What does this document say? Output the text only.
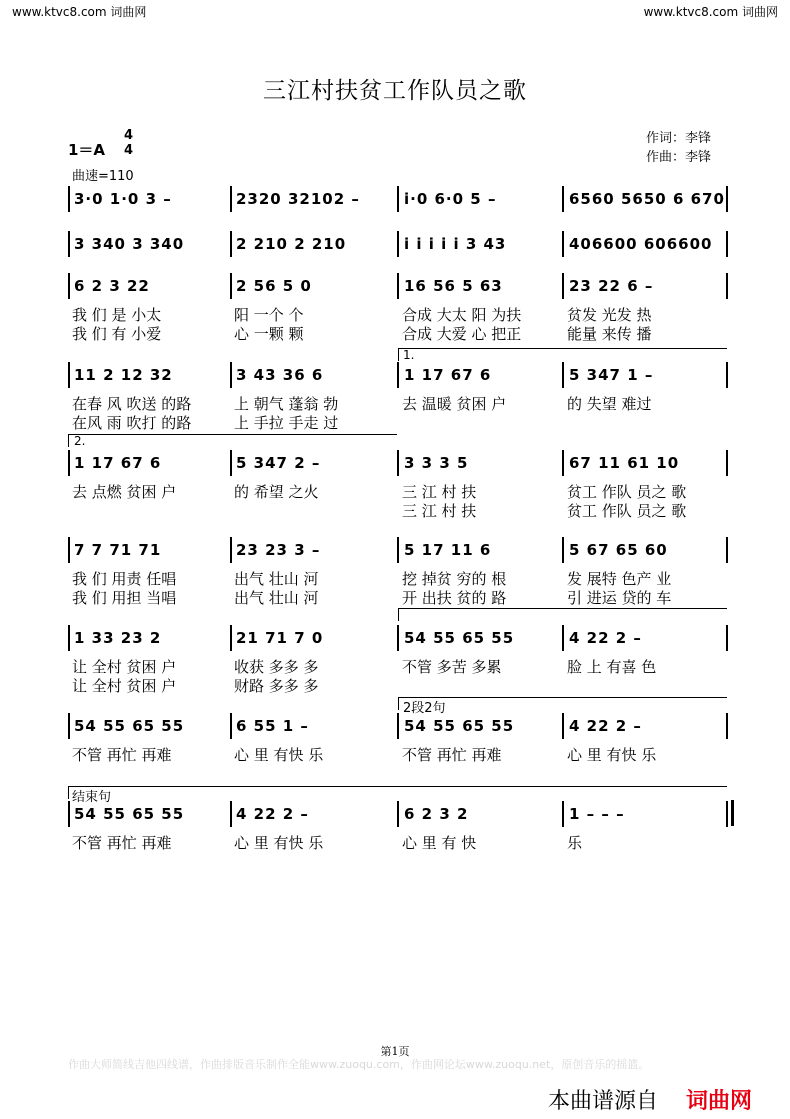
www.ktvc8.com 词曲网	www.ktvc8.com 词曲网
三江村扶贫工作队员之歌
1＝A
4
4
曲速=110
作词：李锋
作曲：李锋
3·0 1·0 3 –	2320 32102 –	i·0 6·0 5 –	6560 5650 6 670
3 340 3 340	2 210 2 210	i i i i i 3 43	406600 606600
6 2 3 22	2 56 5 0	16 56 5 63	23 22 6 –
我 们 是 小太	阳 一个 个	合成 大太 阳 为扶	贫发 光发 热
我 们 有 小爱	心 一颗 颗	合成 大爱 心 把正	能量 来传 播
11 2 12 32	3 43 36 6	1 17 67 6	5 347 1 –
在春 风 吹送 的路	上 朝气 蓬翁 勃	去 温暖 贫困 户	的 失望 难过
在风 雨 吹打 的路	上 手拉 手走 过
1 17 67 6	5 347 2 –	3 3 3 5	67 11 61 10
去 点燃 贫困 户	的 希望 之火	三 江 村 扶	贫工 作队 员之 歌
三 江 村 扶	贫工 作队 员之 歌
7 7 71 71	23 23 3 –	5 17 11 6	5 67 65 60
我 们 用责 任唱	出气 壮山 河	挖 掉贫 穷的 根	发 展特 色产 业
我 们 用担 当唱	出气 壮山 河	开 出扶 贫的 路	引 进运 贷的 车
1 33 23 2	21 71 7 0	54 55 65 55	4 22 2 –
让 全村 贫困 户	收获 多多 多	不管 多苦 多累	脸 上 有喜 色
让 全村 贫困 户	财路 多多 多
54 55 65 55	6 55 1 –	54 55 65 55	4 22 2 –
不管 再忙 再难	心 里 有快 乐	不管 再忙 再难	心 里 有快 乐
54 55 65 55	4 22 2 –	6 2 3 2	1 – – –
不管 再忙 再难	心 里 有快 乐	心 里 有 快	乐
1.
2.
2段2句
结束句
第1页
作曲大师简线吉他四线谱，作曲排版音乐制作全能www.zuoqu.com，作曲网论坛www.zuoqu.net，原创音乐的摇篮。
本曲谱源自 词曲网
